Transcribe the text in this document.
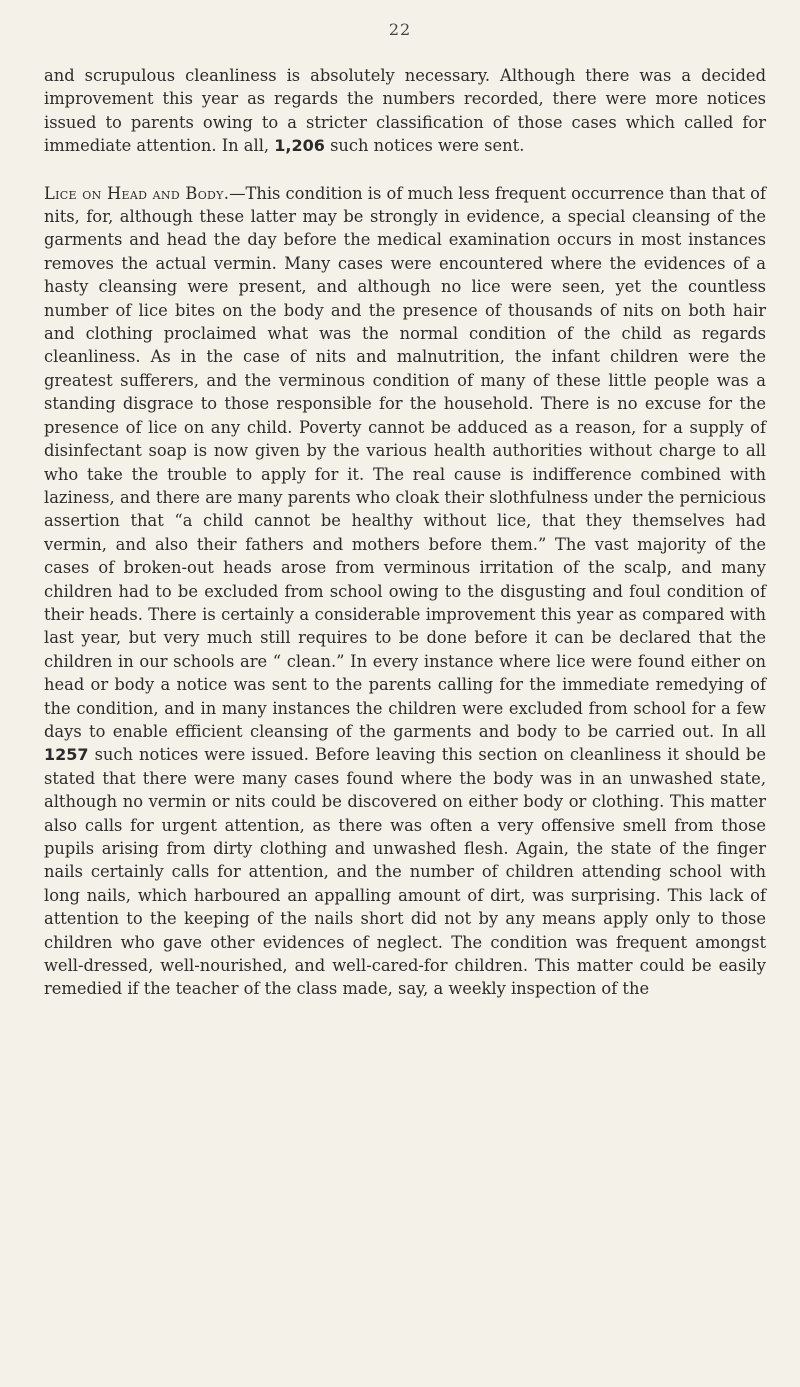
22

and scrupulous cleanliness is absolutely necessary. Although there was a decided improvement this year as regards the numbers recorded, there were more notices issued to parents owing to a stricter classification of those cases which called for immediate attention. In all, 1,206 such notices were sent.

Lice on Head and Body.—This condition is of much less frequent occurrence than that of nits, for, although these latter may be strongly in evidence, a special cleansing of the garments and head the day before the medical examination occurs in most instances removes the actual vermin. Many cases were encountered where the evidences of a hasty cleansing were present, and although no lice were seen, yet the countless number of lice bites on the body and the presence of thousands of nits on both hair and clothing proclaimed what was the normal condition of the child as regards cleanliness. As in the case of nits and malnutrition, the infant children were the greatest sufferers, and the verminous condition of many of these little people was a standing disgrace to those responsible for the household. There is no excuse for the presence of lice on any child. Poverty cannot be adduced as a reason, for a supply of disinfectant soap is now given by the various health authorities without charge to all who take the trouble to apply for it. The real cause is indifference combined with laziness, and there are many parents who cloak their slothfulness under the pernicious assertion that “a child cannot be healthy without lice, that they themselves had vermin, and also their fathers and mothers before them.” The vast majority of the cases of broken-out heads arose from verminous irritation of the scalp, and many children had to be excluded from school owing to the disgusting and foul condition of their heads. There is certainly a considerable improvement this year as compared with last year, but very much still requires to be done before it can be declared that the children in our schools are “ clean.” In every instance where lice were found either on head or body a notice was sent to the parents calling for the immediate remedying of the condition, and in many instances the children were excluded from school for a few days to enable efficient cleansing of the garments and body to be carried out. In all 1257 such notices were issued. Before leaving this section on cleanliness it should be stated that there were many cases found where the body was in an unwashed state, although no vermin or nits could be discovered on either body or clothing. This matter also calls for urgent attention, as there was often a very offensive smell from those pupils arising from dirty clothing and unwashed flesh. Again, the state of the finger nails certainly calls for attention, and the number of children attending school with long nails, which harboured an appalling amount of dirt, was surprising. This lack of attention to the keeping of the nails short did not by any means apply only to those children who gave other evidences of neglect. The condition was frequent amongst well-dressed, well-nourished, and well-cared-for children. This matter could be easily remedied if the teacher of the class made, say, a weekly inspection of the
